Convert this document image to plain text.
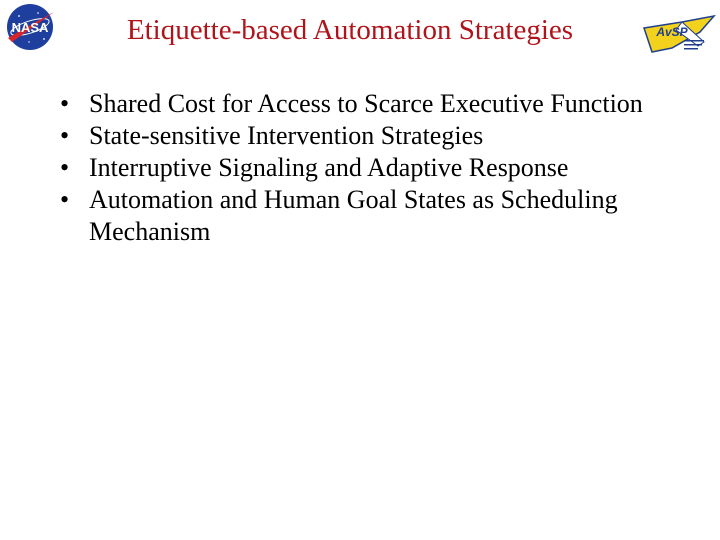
NASA	Etiquette-based Automation Strategies	AvSP
• Shared Cost for Access to Scarce Executive Function
• State-sensitive Intervention Strategies
• Interruptive Signaling and Adaptive Response
• Automation and Human Goal States as Scheduling Mechanism
